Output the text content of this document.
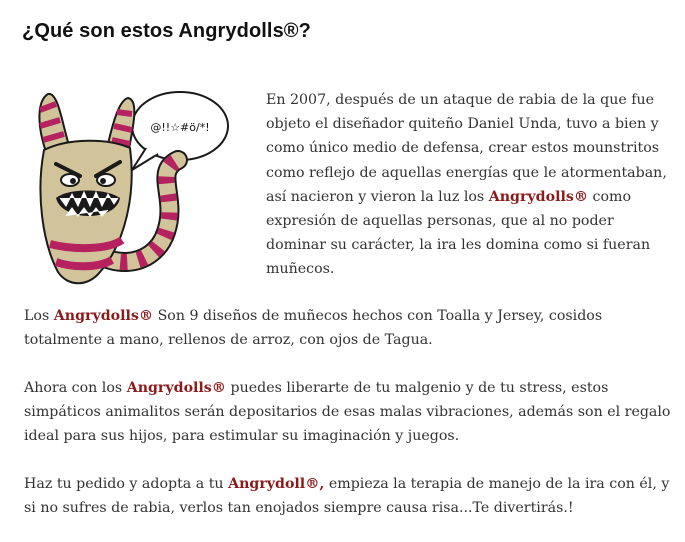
¿Qué son estos Angrydolls®?
@!!☆#ö/*!

En 2007, después de un ataque de rabia de la que fue
objeto el diseñador quiteño Daniel Unda, tuvo a bien y
como único medio de defensa, crear estos mounstritos
como reflejo de aquellas energías que le atormentaban,
así nacieron y vieron la luz los Angrydolls® como
expresión de aquellas personas, que al no poder
dominar su carácter, la ira les domina como si fueran
muñecos.

Los Angrydolls® Son 9 diseños de muñecos hechos con Toalla y Jersey, cosidos
totalmente a mano, rellenos de arroz, con ojos de Tagua.

Ahora con los Angrydolls® puedes liberarte de tu malgenio y de tu stress, estos
simpáticos animalitos serán depositarios de esas malas vibraciones, además son el regalo
ideal para sus hijos, para estimular su imaginación y juegos.

Haz tu pedido y adopta a tu Angrydoll®, empieza la terapia de manejo de la ira con él, y
si no sufres de rabia, verlos tan enojados siempre causa risa...Te divertirás.!
